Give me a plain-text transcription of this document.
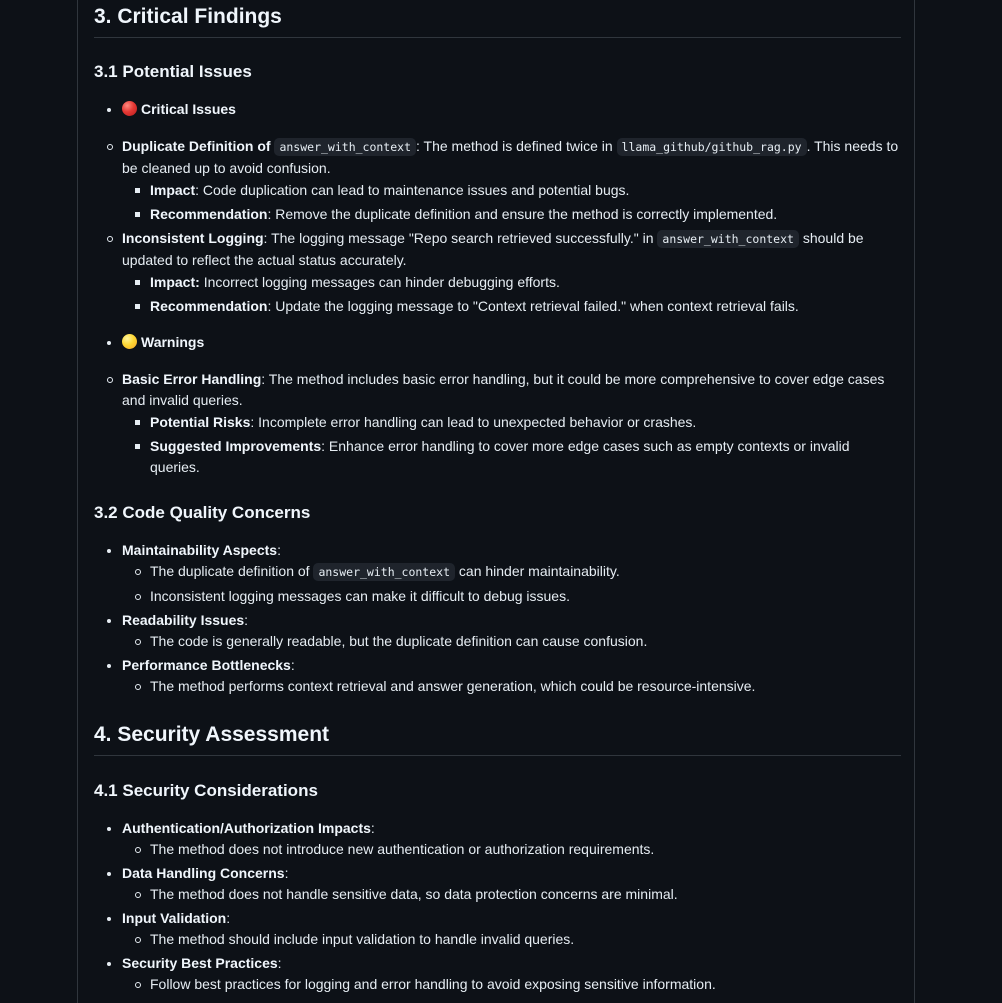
3. Critical Findings
3.1 Potential Issues
Critical Issues
Duplicate Definition of answer_with_context : The method is defined twice in llama_github/github_rag.py . This needs to be cleaned up to avoid confusion.
Impact: Code duplication can lead to maintenance issues and potential bugs.
Recommendation: Remove the duplicate definition and ensure the method is correctly implemented.
Inconsistent Logging: The logging message "Repo search retrieved successfully." in answer_with_context should be updated to reflect the actual status accurately.
Impact: Incorrect logging messages can hinder debugging efforts.
Recommendation: Update the logging message to "Context retrieval failed." when context retrieval fails.
Warnings
Basic Error Handling: The method includes basic error handling, but it could be more comprehensive to cover edge cases and invalid queries.
Potential Risks: Incomplete error handling can lead to unexpected behavior or crashes.
Suggested Improvements: Enhance error handling to cover more edge cases such as empty contexts or invalid queries.
3.2 Code Quality Concerns
Maintainability Aspects:
The duplicate definition of answer_with_context can hinder maintainability.
Inconsistent logging messages can make it difficult to debug issues.
Readability Issues:
The code is generally readable, but the duplicate definition can cause confusion.
Performance Bottlenecks:
The method performs context retrieval and answer generation, which could be resource-intensive.
4. Security Assessment
4.1 Security Considerations
Authentication/Authorization Impacts:
The method does not introduce new authentication or authorization requirements.
Data Handling Concerns:
The method does not handle sensitive data, so data protection concerns are minimal.
Input Validation:
The method should include input validation to handle invalid queries.
Security Best Practices:
Follow best practices for logging and error handling to avoid exposing sensitive information.
